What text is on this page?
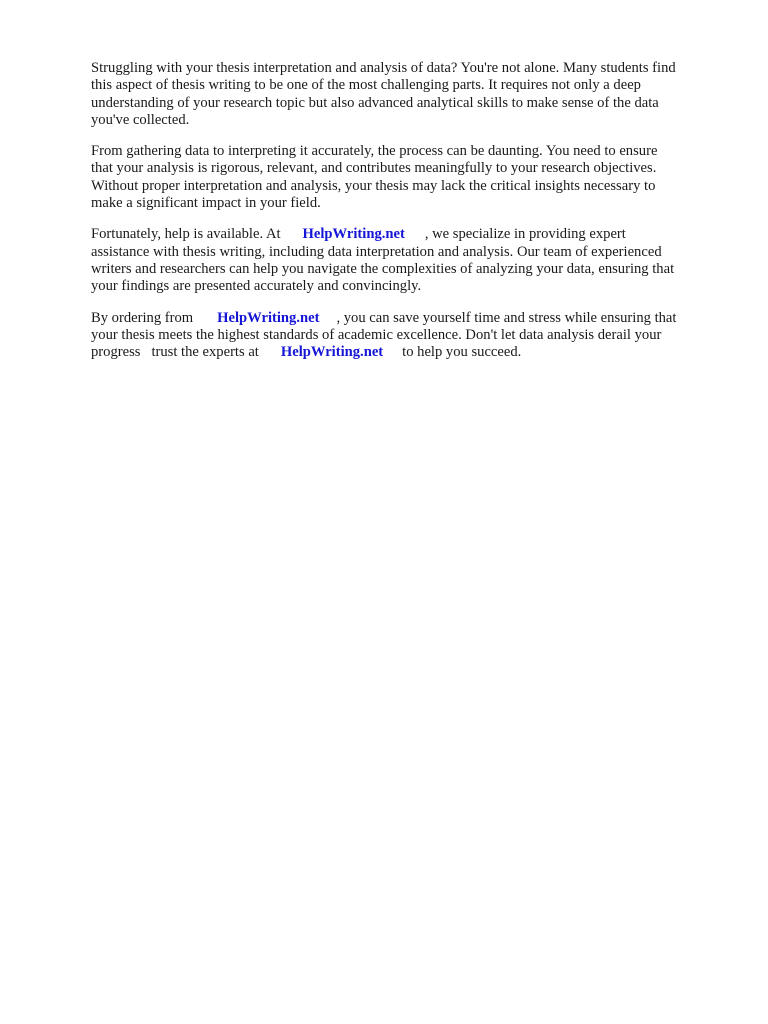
Struggling with your thesis interpretation and analysis of data? You're not alone. Many students find
this aspect of thesis writing to be one of the most challenging parts. It requires not only a deep
understanding of your research topic but also advanced analytical skills to make sense of the data
you've collected.

From gathering data to interpreting it accurately, the process can be daunting. You need to ensure
that your analysis is rigorous, relevant, and contributes meaningfully to your research objectives.
Without proper interpretation and analysis, your thesis may lack the critical insights necessary to
make a significant impact in your field.

Fortunately, help is available. At HelpWriting.net , we specialize in providing expert
assistance with thesis writing, including data interpretation and analysis. Our team of experienced
writers and researchers can help you navigate the complexities of analyzing your data, ensuring that
your findings are presented accurately and convincingly.

By ordering from HelpWriting.net , you can save yourself time and stress while ensuring that
your thesis meets the highest standards of academic excellence. Don't let data analysis derail your
progress trust the experts at HelpWriting.net to help you succeed.
